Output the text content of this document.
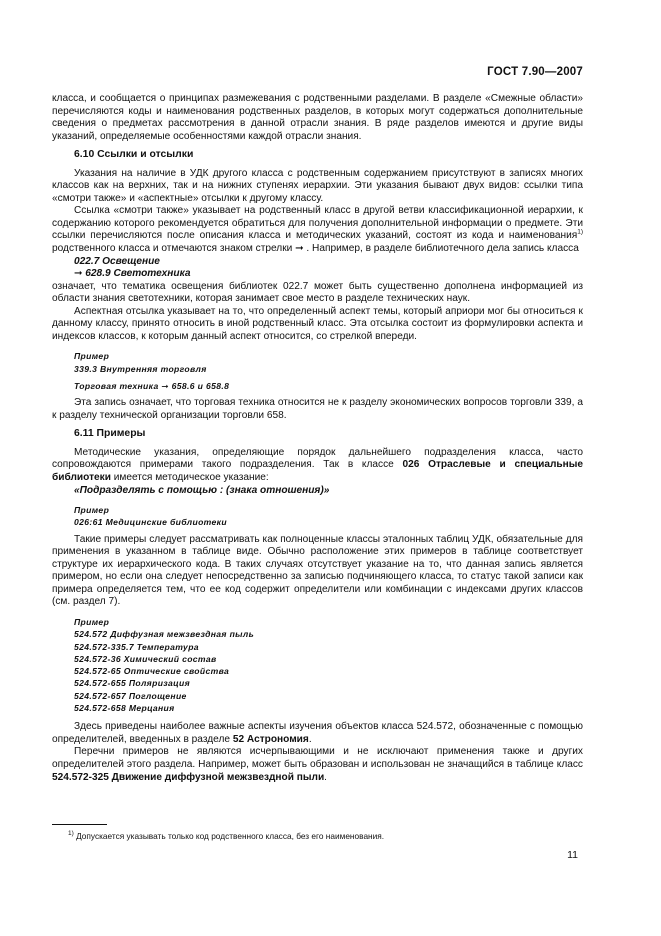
ГОСТ 7.90—2007

класса, и сообщается о принципах размежевания с родственными разделами. В разделе «Смежные области» перечисляются коды и наименования родственных разделов, в которых могут содержаться дополнительные сведения о предметах рассмотрения в данной отрасли знания. В ряде разделов имеются и другие виды указаний, определяемые особенностями каждой отрасли знания.

6.10 Ссылки и отсылки

Указания на наличие в УДК другого класса с родственным содержанием присутствуют в записях многих классов как на верхних, так и на нижних ступенях иерархии. Эти указания бывают двух видов: ссылки типа «смотри также» и «аспектные» отсылки к другому классу.

Ссылка «смотри также» указывает на родственный класс в другой ветви классификационной иерархии, к содержанию которого рекомендуется обратиться для получения дополнительной информации о предмете. Эти ссылки перечисляются после описания класса и методических указаний, состоят из кода и наименования$^{1)}$ родственного класса и отмечаются знаком стрелки ➞ . Например, в разделе библиотечного дела запись класса

022.7 Освещение

➞ 628.9 Светотехника

означает, что тематика освещения библиотек 022.7 может быть существенно дополнена информацией из области знания светотехники, которая занимает свое место в разделе технических наук.

Аспектная отсылка указывает на то, что определенный аспект темы, который априори мог бы относиться к данному классу, принято относить в иной родственный класс. Эта отсылка состоит из формулировки аспекта и индексов классов, к которым данный аспект относится, со стрелкой впереди.

Пример

339.3 Внутренняя торговля

Торговая техника ➞ 658.6 и 658.8

Эта запись означает, что торговая техника относится не к разделу экономических вопросов торговли 339, а к разделу технической организации торговли 658.

6.11 Примеры

Методические указания, определяющие порядок дальнейшего подразделения класса, часто сопровождаются примерами такого подразделения. Так в классе 026 Отраслевые и специальные библиотеки имеется методическое указание:

«Подразделять с помощью : (знака отношения)»

Пример

026:61 Медицинские библиотеки

Такие примеры следует рассматривать как полноценные классы эталонных таблиц УДК, обязательные для применения в указанном в таблице виде. Обычно расположение этих примеров в таблице соответствует структуре их иерархического кода. В таких случаях отсутствует указание на то, что данная запись является примером, но если она следует непосредственно за записью подчиняющего класса, то статус такой записи как примера определяется тем, что ее код содержит определители или комбинации с индексами других классов (см. раздел 7).

Пример

524.572 Диффузная межзвездная пыль

524.572-335.7 Температура

524.572-36 Химический состав

524.572-65 Оптические свойства

524.572-655 Поляризация

524.572-657 Поглощение

524.572-658 Мерцания

Здесь приведены наиболее важные аспекты изучения объектов класса 524.572, обозначенные с помощью определителей, введенных в разделе 52 Астрономия.

Перечни примеров не являются исчерпывающими и не исключают применения также и других определителей этого раздела. Например, может быть образован и использован не значащийся в таблице класс 524.572-325 Движение диффузной межзвездной пыли.

$^{1)}$ Допускается указывать только код родственного класса, без его наименования.
11
